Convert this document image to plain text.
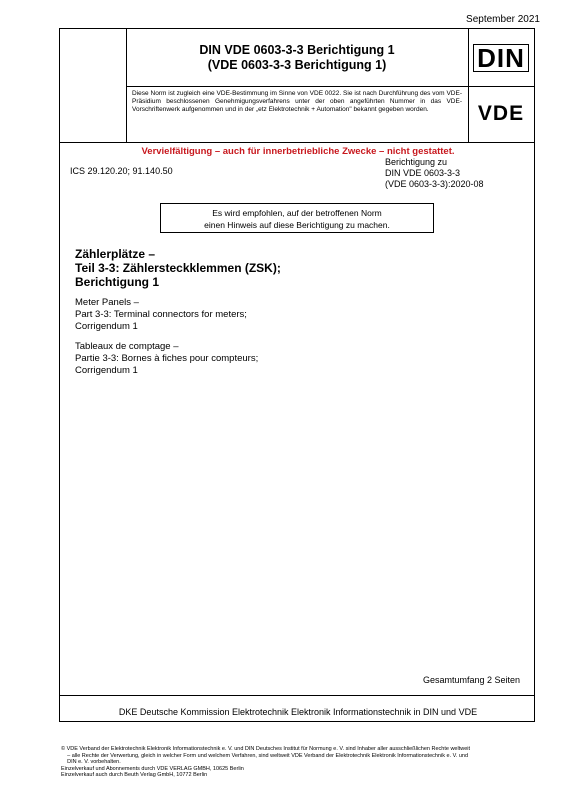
September 2021
DIN VDE 0603-3-3 Berichtigung 1
(VDE 0603-3-3 Berichtigung 1)	DIN
Diese Norm ist zugleich eine VDE-Bestimmung im Sinne von VDE 0022. Sie ist nach Durchführung des vom VDE-Präsidium beschlossenen Genehmigungsverfahrens unter der oben angeführten Nummer in das VDE-Vorschriftenwerk aufgenommen und in der „etz Elektrotechnik + Automation" bekannt gegeben worden.	VDE
Vervielfältigung – auch für innerbetriebliche Zwecke – nicht gestattet.
ICS 29.120.20; 91.140.50
Berichtigung zu
DIN VDE 0603-3-3
(VDE 0603-3-3):2020-08
Es wird empfohlen, auf der betroffenen Norm
einen Hinweis auf diese Berichtigung zu machen.
Zählerplätze –
Teil 3-3: Zählersteckklemmen (ZSK);
Berichtigung 1
Meter Panels –
Part 3-3: Terminal connectors for meters;
Corrigendum 1
Tableaux de comptage –
Partie 3-3: Bornes à fiches pour compteurs;
Corrigendum 1
Gesamtumfang 2 Seiten
DKE Deutsche Kommission Elektrotechnik Elektronik Informationstechnik in DIN und VDE
© VDE Verband der Elektrotechnik Elektronik Informationstechnik e. V. und DIN Deutsches Institut für Normung e. V. sind Inhaber aller ausschließlichen Rechte weltweit
– alle Rechte der Verwertung, gleich in welcher Form und welchem Verfahren, sind weltweit VDE Verband der Elektrotechnik Elektronik Informationstechnik e. V. und
DIN e. V. vorbehalten.
Einzelverkauf und Abonnements durch VDE VERLAG GMBH, 10625 Berlin
Einzelverkauf auch durch Beuth Verlag GmbH, 10772 Berlin
